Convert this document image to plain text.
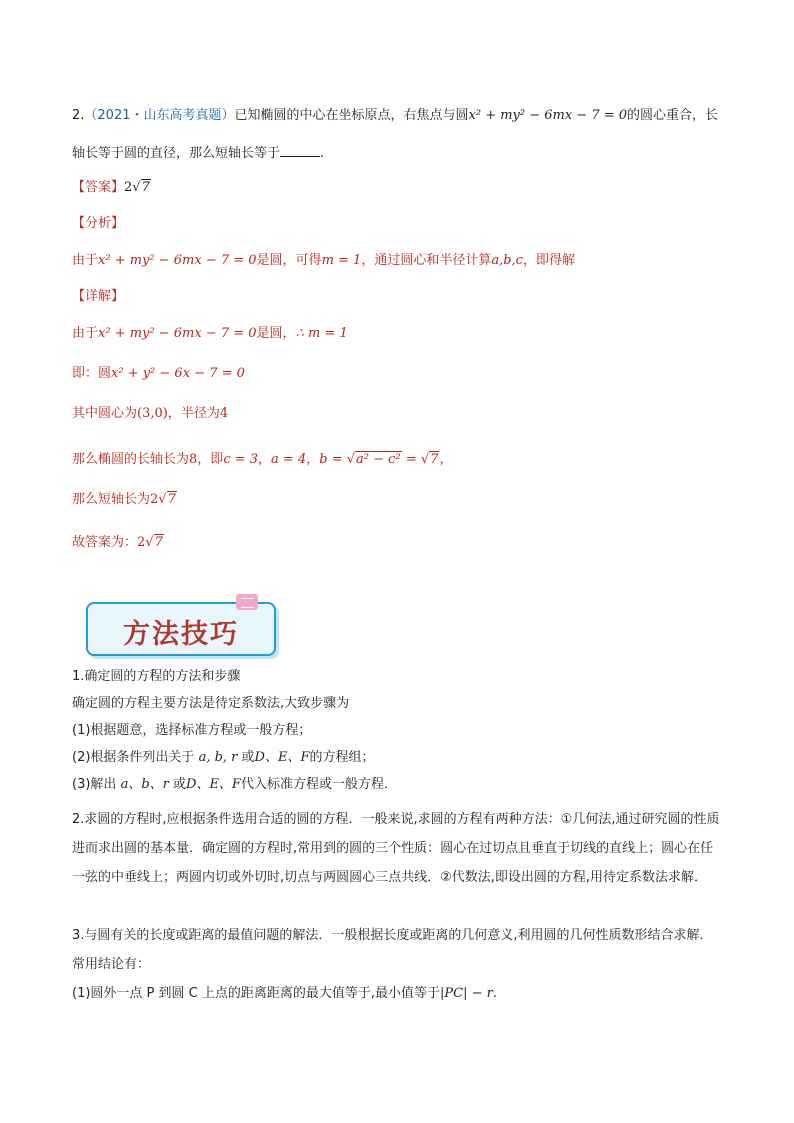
2.（2021・山东高考真题）已知椭圆的中心在坐标原点，右焦点与圆x² + my² − 6mx − 7 = 0的圆心重合，长
轴长等于圆的直径，那么短轴长等于	.
【答案】2√7
【分析】
由于x² + my² − 6mx − 7 = 0是圆，可得m = 1，通过圆心和半径计算a,b,c，即得解
【详解】
由于x² + my² − 6mx − 7 = 0是圆，∴ m = 1
即：圆x² + y² − 6x − 7 = 0
其中圆心为(3,0)，半径为4
那么椭圆的长轴长为8，即c = 3，a = 4，b = √a² − c² = √7，
那么短轴长为2√7
故答案为：2√7
方法技巧
1.确定圆的方程的方法和步骤
确定圆的方程主要方法是待定系数法,大致步骤为
(1)根据题意，选择标准方程或一般方程；
(2)根据条件列出关于 a, b, r 或D、E、F的方程组；
(3)解出 a、b、r 或D、E、F代入标准方程或一般方程．
2.求圆的方程时,应根据条件选用合适的圆的方程．一般来说,求圆的方程有两种方法：①几何法,通过研究圆的性质进而求出圆的基本量．确定圆的方程时,常用到的圆的三个性质：圆心在过切点且垂直于切线的直线上；圆心在任一弦的中垂线上；两圆内切或外切时,切点与两圆圆心三点共线．②代数法,即设出圆的方程,用待定系数法求解．
3.与圆有关的长度或距离的最值问题的解法．一般根据长度或距离的几何意义,利用圆的几何性质数形结合求解．常用结论有：
(1)圆外一点 P 到圆 C 上点的距离距离的最大值等于,最小值等于|PC| − r.
